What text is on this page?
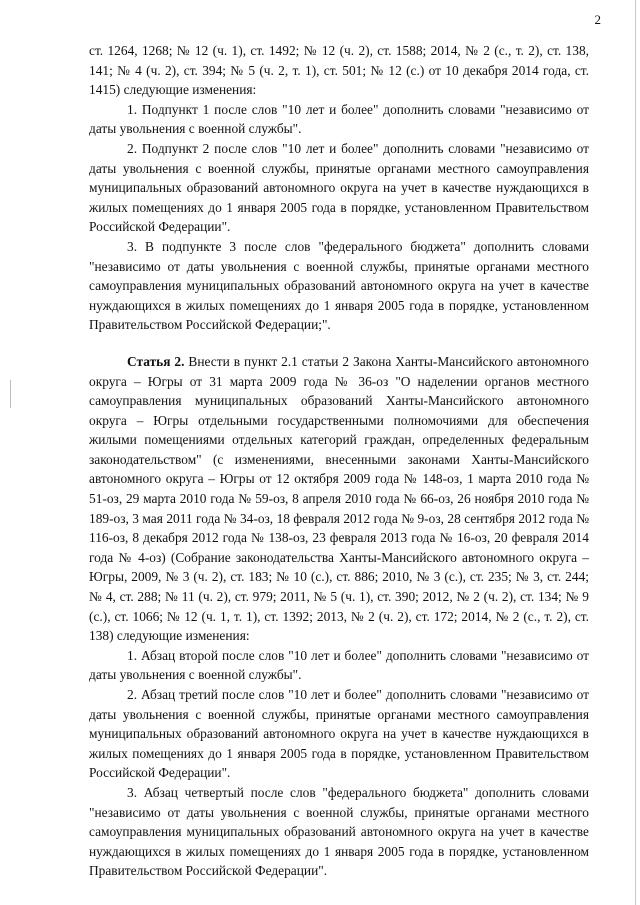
2

ст. 1264, 1268; № 12 (ч. 1), ст. 1492; № 12 (ч. 2), ст. 1588; 2014, № 2 (с., т. 2), ст. 138, 141; № 4 (ч. 2), ст. 394; № 5 (ч. 2, т. 1), ст. 501; № 12 (с.) от 10 декабря 2014 года, ст. 1415) следующие изменения:

1. Подпункт 1 после слов "10 лет и более" дополнить словами "независимо от даты увольнения с военной службы".

2. Подпункт 2 после слов "10 лет и более" дополнить словами "независимо от даты увольнения с военной службы, принятые органами местного самоуправления муниципальных образований автономного округа на учет в качестве нуждающихся в жилых помещениях до 1 января 2005 года в порядке, установленном Правительством Российской Федерации".

3. В подпункте 3 после слов "федерального бюджета" дополнить словами "независимо от даты увольнения с военной службы, принятые органами местного самоуправления муниципальных образований автономного округа на учет в качестве нуждающихся в жилых помещениях до 1 января 2005 года в порядке, установленном Правительством Российской Федерации;".

Статья 2. Внести в пункт 2.1 статьи 2 Закона Ханты-Мансийского автономного округа – Югры от 31 марта 2009 года № 36-оз "О наделении органов местного самоуправления муниципальных образований Ханты-Мансийского автономного округа – Югры отдельными государственными полномочиями для обеспечения жилыми помещениями отдельных категорий граждан, определенных федеральным законодательством" (с изменениями, внесенными законами Ханты-Мансийского автономного округа – Югры от 12 октября 2009 года № 148-оз, 1 марта 2010 года № 51-оз, 29 марта 2010 года № 59-оз, 8 апреля 2010 года № 66-оз, 26 ноября 2010 года № 189-оз, 3 мая 2011 года № 34-оз, 18 февраля 2012 года № 9-оз, 28 сентября 2012 года № 116-оз, 8 декабря 2012 года № 138-оз, 23 февраля 2013 года № 16-оз, 20 февраля 2014 года № 4-оз) (Собрание законодательства Ханты-Мансийского автономного округа – Югры, 2009, № 3 (ч. 2), ст. 183; № 10 (с.), ст. 886; 2010, № 3 (с.), ст. 235; № 3, ст. 244; № 4, ст. 288; № 11 (ч. 2), ст. 979; 2011, № 5 (ч. 1), ст. 390; 2012, № 2 (ч. 2), ст. 134; № 9 (с.), ст. 1066; № 12 (ч. 1, т. 1), ст. 1392; 2013, № 2 (ч. 2), ст. 172; 2014, № 2 (с., т. 2), ст. 138) следующие изменения:

1. Абзац второй после слов "10 лет и более" дополнить словами "независимо от даты увольнения с военной службы".

2. Абзац третий после слов "10 лет и более" дополнить словами "независимо от даты увольнения с военной службы, принятые органами местного самоуправления муниципальных образований автономного округа на учет в качестве нуждающихся в жилых помещениях до 1 января 2005 года в порядке, установленном Правительством Российской Федерации".

3. Абзац четвертый после слов "федерального бюджета" дополнить словами "независимо от даты увольнения с военной службы, принятые органами местного самоуправления муниципальных образований автономного округа на учет в качестве нуждающихся в жилых помещениях до 1 января 2005 года в порядке, установленном Правительством Российской Федерации".
